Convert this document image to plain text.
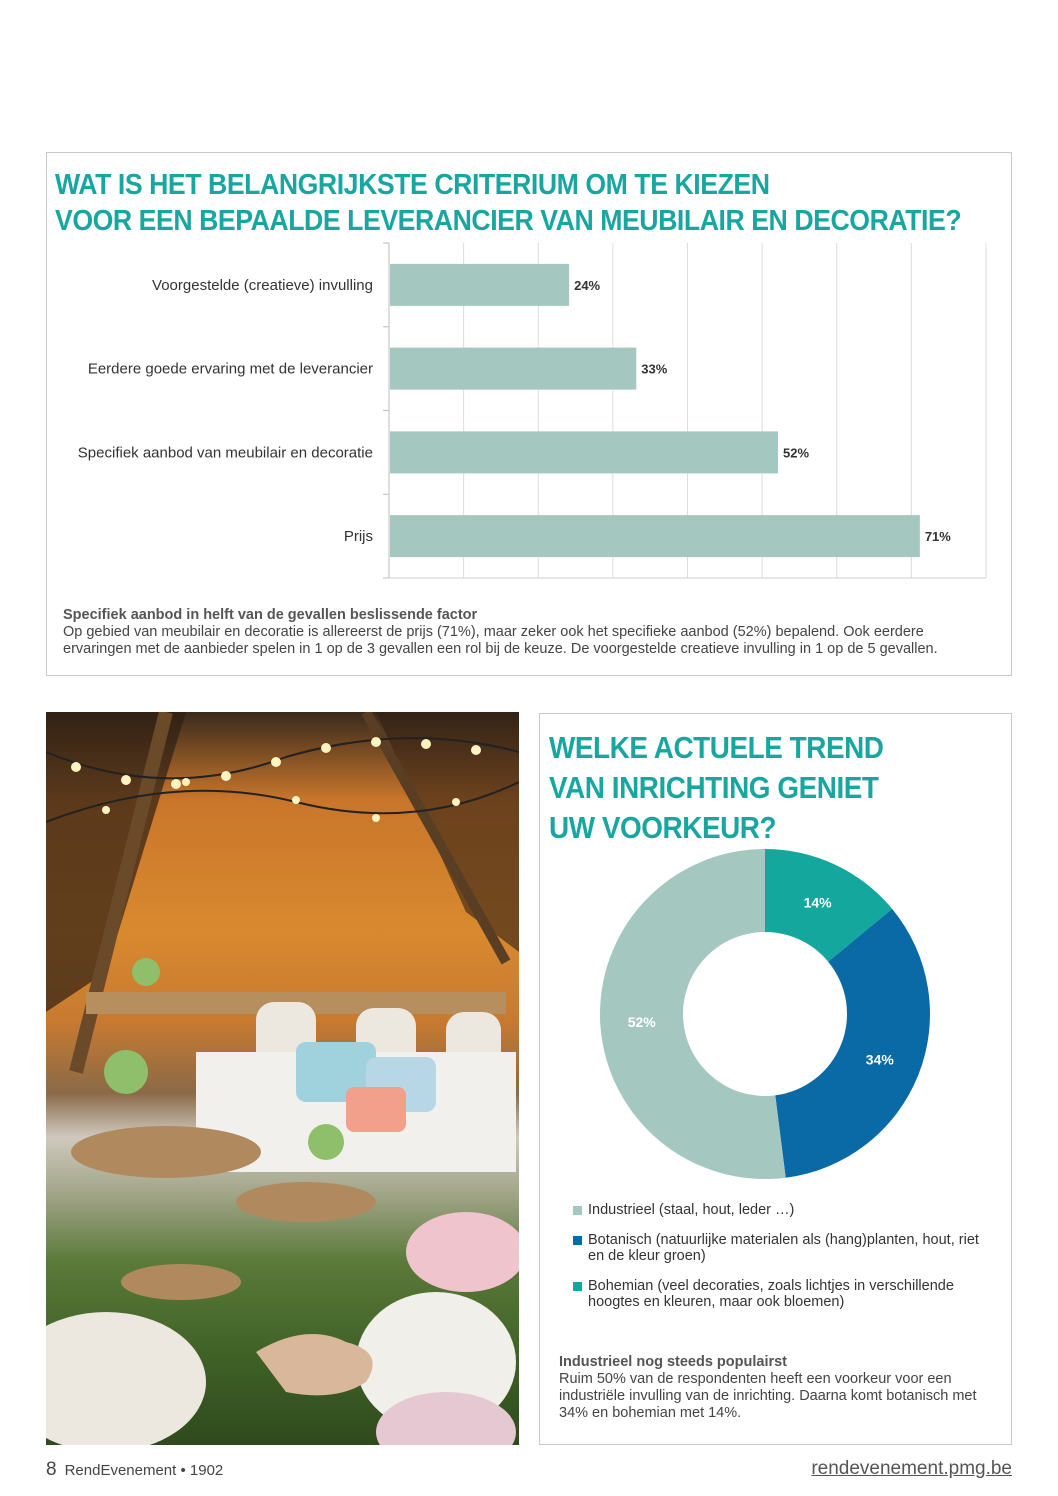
WAT IS HET BELANGRIJKSTE CRITERIUM OM TE KIEZEN
VOOR EEN BEPAALDE LEVERANCIER VAN MEUBILAIR EN DECORATIE?
Voorgestelde (creatieve) invulling	24%
Eerdere goede ervaring met de leverancier	33%
Specifiek aanbod van meubilair en decoratie	52%
Prijs	71%
Specifiek aanbod in helft van de gevallen beslissende factor
Op gebied van meubilair en decoratie is allereerst de prijs (71%), maar zeker ook het specifieke aanbod (52%) bepalend. Ook eerdere ervaringen met de aanbieder spelen in 1 op de 3 gevallen een rol bij de keuze. De voorgestelde creatieve invulling in 1 op de 5 gevallen.
WELKE ACTUELE TREND
VAN INRICHTING GENIET
UW VOORKEUR?
14%
34%
52%
Industrieel (staal, hout, leder …)
Botanisch (natuurlijke materialen als (hang)planten, hout, riet en de kleur groen)
Bohemian (veel decoraties, zoals lichtjes in verschillende hoogtes en kleuren, maar ook bloemen)
Industrieel nog steeds populairst
Ruim 50% van de respondenten heeft een voorkeur voor een industriële invulling van de inrichting. Daarna komt botanisch met 34% en bohemian met 14%.
8 RendEvenement • 1902	rendevenement.pmg.be
